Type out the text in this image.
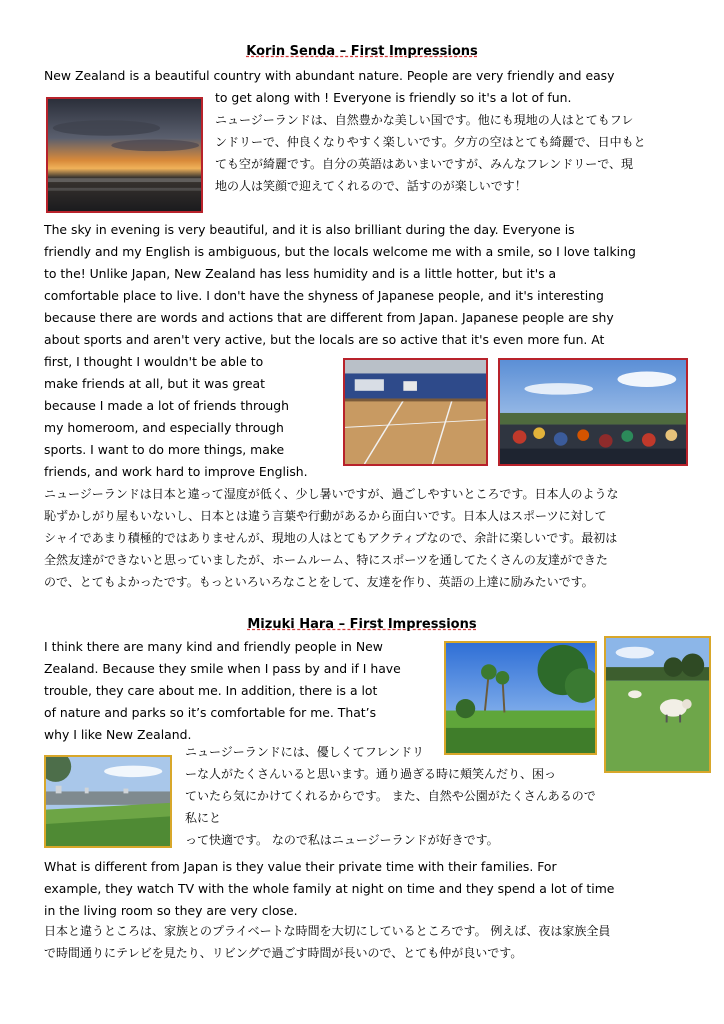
Korin Senda – First Impressions

New Zealand is a beautiful country with abundant nature. People are very friendly and easy

to get along with ! Everyone is friendly so it's a lot of fun.

ニュージーランドは、自然豊かな美しい国です。他にも現地の人はとてもフレ

ンドリーで、仲良くなりやすく楽しいです。夕方の空はとても綺麗で、日中もと

ても空が綺麗です。自分の英語はあいまいですが、みんなフレンドリーで、現

地の人は笑顔で迎えてくれるので、話すのが楽しいです！

The sky in evening is very beautiful, and it is also brilliant during the day. Everyone is

friendly and my English is ambiguous, but the locals welcome me with a smile, so I love talking

to the! Unlike Japan, New Zealand has less humidity and is a little hotter, but it's a

comfortable place to live. I don't have the shyness of Japanese people, and it's interesting

because there are words and actions that are different from Japan. Japanese people are shy

about sports and aren't very active, but the locals are so active that it's even more fun. At

first, I thought I wouldn't be able to

make friends at all, but it was great

because I made a lot of friends through

my homeroom, and especially through

sports. I want to do more things, make

friends, and work hard to improve English.

ニュージーランドは日本と違って湿度が低く、少し暑いですが、過ごしやすいところです。日本人のような

恥ずかしがり屋もいないし、日本とは違う言葉や行動があるから面白いです。日本人はスポーツに対して

シャイであまり積極的ではありませんが、現地の人はとてもアクティブなので、余計に楽しいです。最初は

全然友達ができないと思っていましたが、ホームルーム、特にスポーツを通してたくさんの友達ができた

ので、とてもよかったです。もっといろいろなことをして、友達を作り、英語の上達に励みたいです。

Mizuki Hara – First Impressions

I think there are many kind and friendly people in New

Zealand. Because they smile when I pass by and if I have

trouble, they care about me. In addition, there is a lot

of nature and parks so it’s comfortable for me. That’s

why I like New Zealand.

ニュージーランドには、優しくてフレンドリ

ーな人がたくさんいると思います。通り過ぎる時に頬笑んだり、困っ

ていたら気にかけてくれるからです。 また、自然や公園がたくさんあるので私にと

って快適です。 なので私はニュージーランドが好きです。

What is different from Japan is they value their private time with their families. For

example, they watch TV with the whole family at night on time and they spend a lot of time

in the living room so they are very close.

日本と違うところは、家族とのプライベートな時間を大切にしているところです。 例えば、夜は家族全員

で時間通りにテレビを見たり、リビングで過ごす時間が長いので、とても仲が良いです。
